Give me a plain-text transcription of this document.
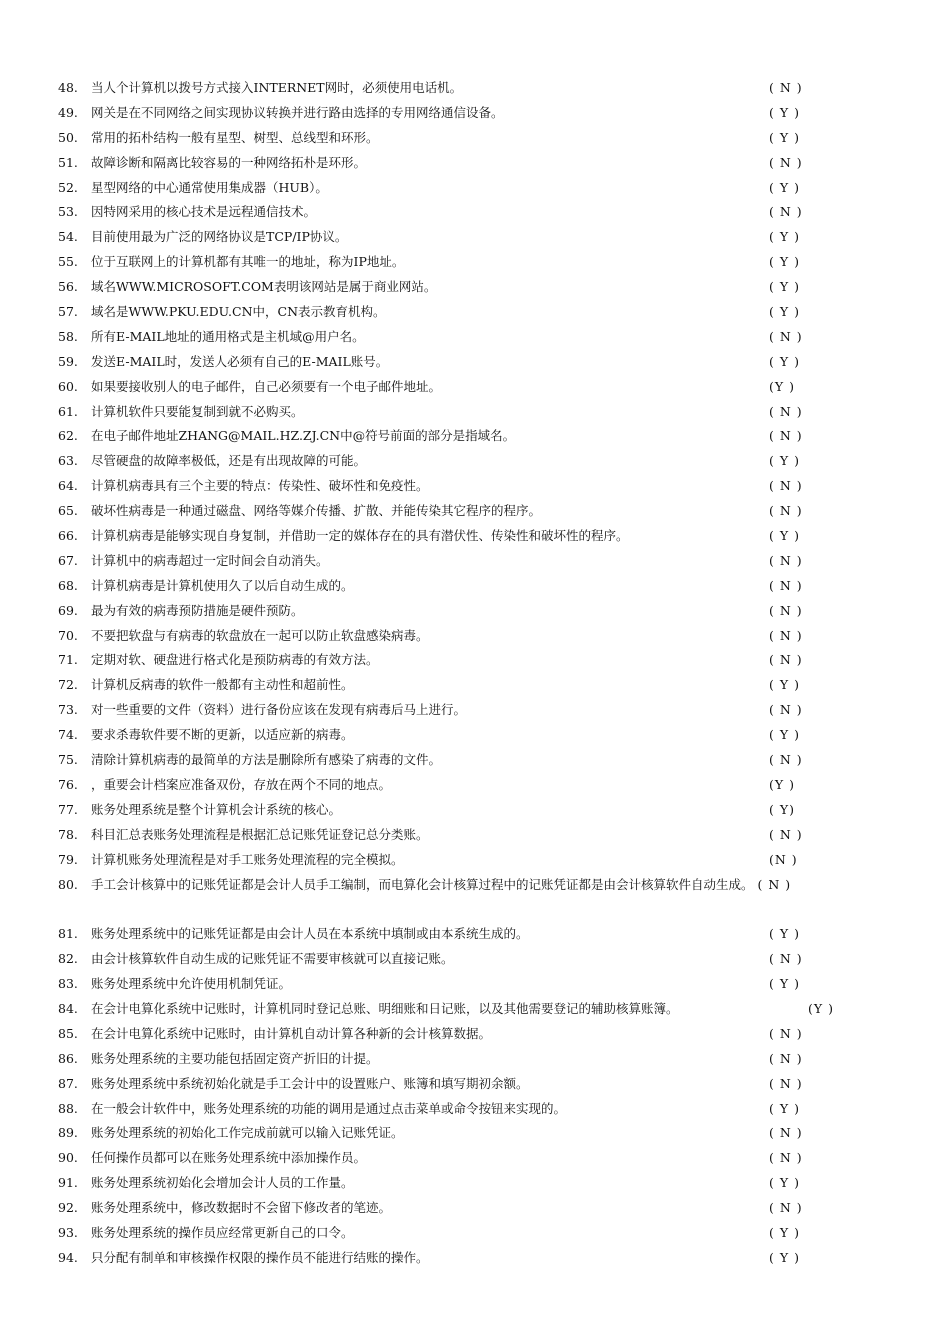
48.	当人个计算机以拨号方式接入INTERNET网时，必须使用电话机。	( N )
49.	网关是在不同网络之间实现协议转换并进行路由选择的专用网络通信设备。	( Y )
50.	常用的拓朴结构一般有星型、树型、总线型和环形。	( Y )
51.	故障诊断和隔离比较容易的一种网络拓朴是环形。	( N )
52.	星型网络的中心通常使用集成器（HUB）。	( Y )
53.	因特网采用的核心技术是远程通信技术。	( N )
54.	目前使用最为广泛的网络协议是TCP/IP协议。	( Y )
55.	位于互联网上的计算机都有其唯一的地址，称为IP地址。	( Y )
56.	域名WWW.MICROSOFT.COM表明该网站是属于商业网站。	( Y )
57.	域名是WWW.PKU.EDU.CN中，CN表示教育机构。	( Y )
58.	所有E-MAIL地址的通用格式是主机域@用户名。	( N )
59.	发送E-MAIL时，发送人必须有自己的E-MAIL账号。	( Y )
60.	如果要接收别人的电子邮件，自己必须要有一个电子邮件地址。	(Y )
61.	计算机软件只要能复制到就不必购买。	( N )
62.	在电子邮件地址ZHANG@MAIL.HZ.ZJ.CN中@符号前面的部分是指域名。	( N )
63.	尽管硬盘的故障率极低，还是有出现故障的可能。	( Y )
64.	计算机病毒具有三个主要的特点：传染性、破坏性和免疫性。	( N )
65.	破坏性病毒是一种通过磁盘、网络等媒介传播、扩散、并能传染其它程序的程序。	( N )
66.	计算机病毒是能够实现自身复制，并借助一定的媒体存在的具有潜伏性、传染性和破坏性的程序。	( Y )
67.	计算机中的病毒超过一定时间会自动消失。	( N )
68.	计算机病毒是计算机使用久了以后自动生成的。	( N )
69.	最为有效的病毒预防措施是硬件预防。	( N )
70.	不要把软盘与有病毒的软盘放在一起可以防止软盘感染病毒。	( N )
71.	定期对软、硬盘进行格式化是预防病毒的有效方法。	( N )
72.	计算机反病毒的软件一般都有主动性和超前性。	( Y )
73.	对一些重要的文件（资料）进行备份应该在发现有病毒后马上进行。	( N )
74.	要求杀毒软件要不断的更新，以适应新的病毒。	( Y )
75.	清除计算机病毒的最简单的方法是删除所有感染了病毒的文件。	( N )
76.	，重要会计档案应准备双份，存放在两个不同的地点。	(Y )
77.	账务处理系统是整个计算机会计系统的核心。	( Y)
78.	科目汇总表账务处理流程是根据汇总记账凭证登记总分类账。	( N )
79.	计算机账务处理流程是对手工账务处理流程的完全模拟。	(N )
80.	手工会计核算中的记账凭证都是会计人员手工编制，而电算化会计核算过程中的记账凭证都是由会计核算软件自动生成。 ( N )
81.	账务处理系统中的记账凭证都是由会计人员在本系统中填制或由本系统生成的。	( Y )
82.	由会计核算软件自动生成的记账凭证不需要审核就可以直接记账。	( N )
83.	账务处理系统中允许使用机制凭证。	( Y )
84.	在会计电算化系统中记账时，计算机同时登记总账、明细账和日记账，以及其他需要登记的辅助核算账簿。	(Y )
85.	在会计电算化系统中记账时，由计算机自动计算各种新的会计核算数据。	( N )
86.	账务处理系统的主要功能包括固定资产折旧的计提。	( N )
87.	账务处理系统中系统初始化就是手工会计中的设置账户、账簿和填写期初余额。	( N )
88.	在一般会计软件中，账务处理系统的功能的调用是通过点击菜单或命令按钮来实现的。	( Y )
89.	账务处理系统的初始化工作完成前就可以输入记账凭证。	( N )
90.	任何操作员都可以在账务处理系统中添加操作员。	( N )
91.	账务处理系统初始化会增加会计人员的工作量。	( Y )
92.	账务处理系统中，修改数据时不会留下修改者的笔迹。	( N )
93.	账务处理系统的操作员应经常更新自己的口令。	( Y )
94.	只分配有制单和审核操作权限的操作员不能进行结账的操作。	( Y )
